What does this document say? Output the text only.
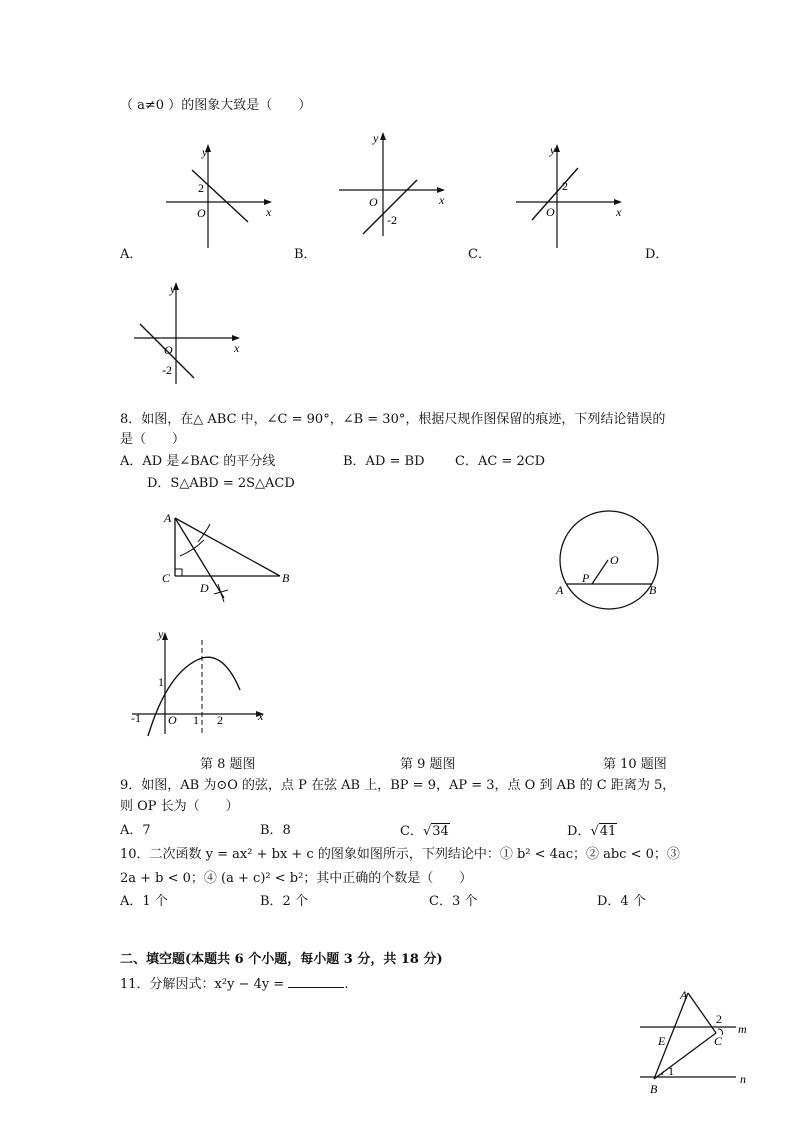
（ a≠0 ）的图象大致是（　　）
y
2
O	x
A．
y
O
-2
x
B．
y
2
O	x
C．	D．
y
O
-2
x
8．如图，在△ ABC 中，∠C = 90°，∠B = 30°，根据尺规作图保留的痕迹，下列结论错误的
是（　　）
A．AD 是∠BAC 的平分线	B．AD = BD C．AC = 2CD
D．S△ABD = 2S△ACD
A
C
D
B
O
P
A	B
y
1
-1 O 1 2	x
第 8 题图	第 9 题图	第 10 题图
9．如图，AB 为⊙O 的弦，点 P 在弦 AB 上，BP = 9，AP = 3，点 O 到 AB 的 C 距离为 5，
则 OP 长为（　　）
A．7	B．8	C．√34	D．√41
10．二次函数 y = ax² + bx + c 的图象如图所示，下列结论中：① b² < 4ac；② abc < 0；③
2a + b < 0；④ (a + c)² < b²；其中正确的个数是（　　）
A．1 个	B．2 个	C．3 个	D．4 个
二、填空题(本题共 6 个小题，每小题 3 分，共 18 分)
11．分解因式：x²y − 4y =	.
A
2
m
E	C
1
B
n
